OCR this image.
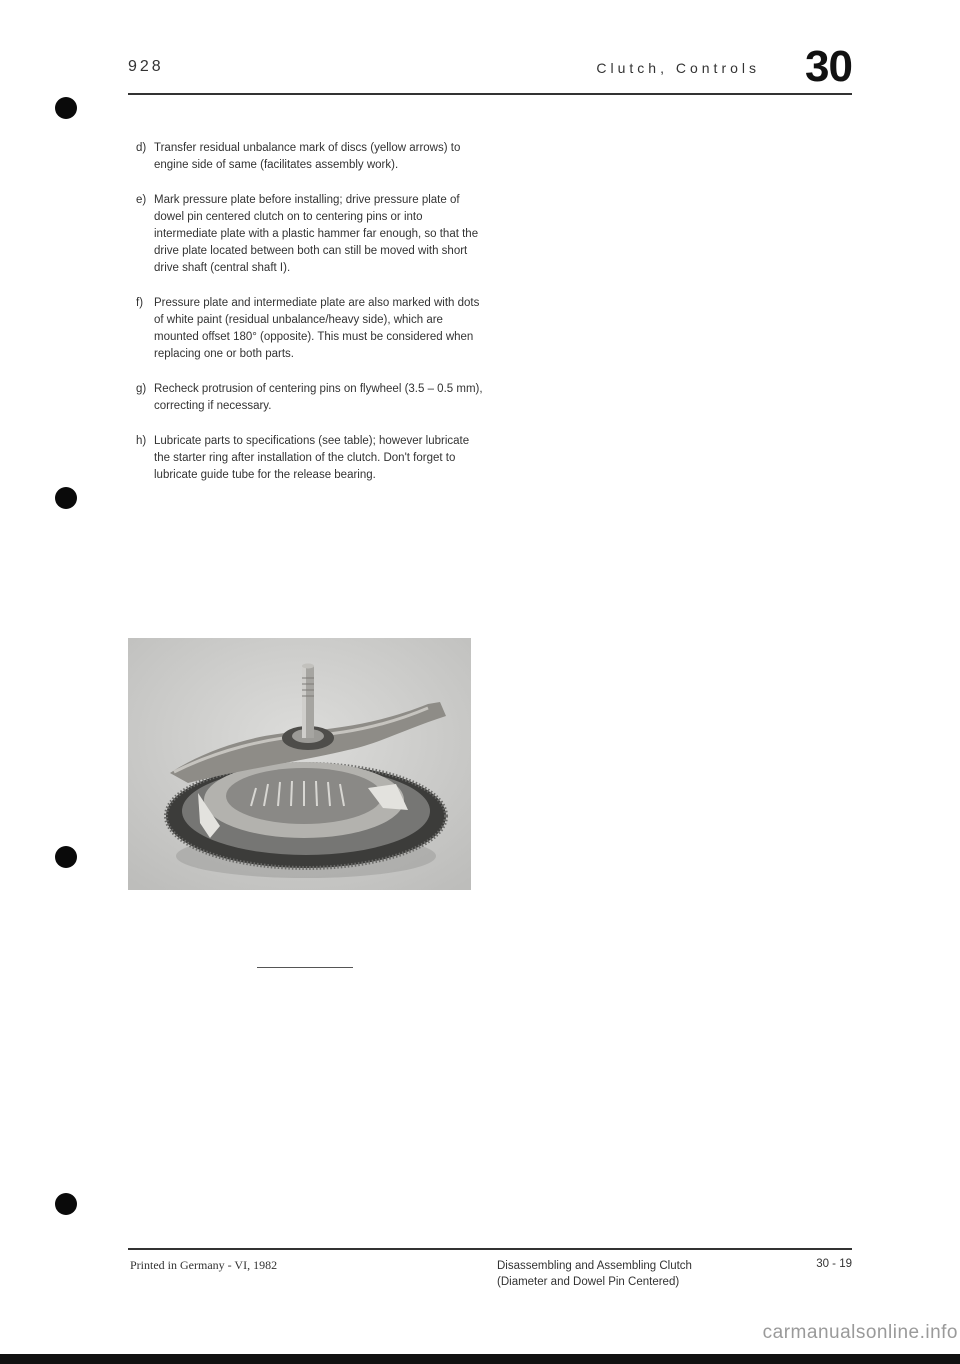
928	Clutch, Controls 30
d) Transfer residual unbalance mark of discs (yellow arrows) to engine side of same (facilitates assembly work).
e) Mark pressure plate before installing; drive pressure plate of dowel pin centered clutch on to centering pins or into intermediate plate with a plastic hammer far enough, so that the drive plate located between both can still be moved with short drive shaft (central shaft I).
f) Pressure plate and intermediate plate are also marked with dots of white paint (residual unbalance/heavy side), which are mounted offset 180° (opposite). This must be considered when replacing one or both parts.
g) Recheck protrusion of centering pins on flywheel (3.5 – 0.5 mm), correcting if necessary.
h) Lubricate parts to specifications (see table); however lubricate the starter ring after installation of the clutch. Don't forget to lubricate guide tube for the release bearing.
Printed in Germany - VI, 1982	Disassembling and Assembling Clutch
(Diameter and Dowel Pin Centered)
30 - 19
carmanualsonline.info
